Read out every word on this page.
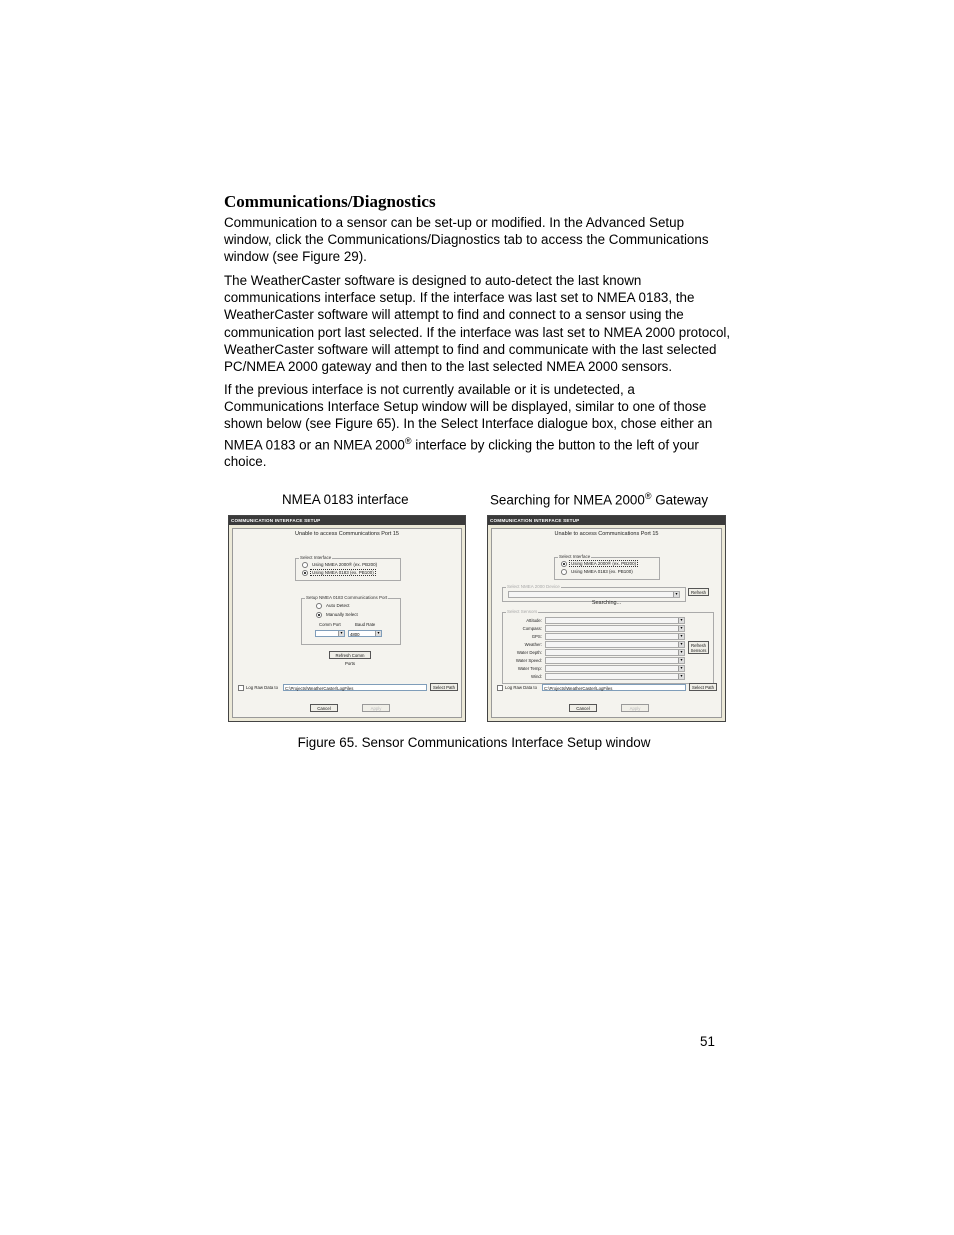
Communications/Diagnostics

Communication to a sensor can be set-up or modified. In the Advanced Setup window, click the Communications/Diagnostics tab to access the Communications window (see Figure 29).

The WeatherCaster software is designed to auto-detect the last known communications interface setup. If the interface was last set to NMEA 0183, the WeatherCaster software will attempt to find and connect to a sensor using the communication port last selected. If the interface was last set to NMEA 2000 protocol, WeatherCaster software will attempt to find and communicate with the last selected PC/NMEA 2000 gateway and then to the last selected NMEA 2000 sensors.

If the previous interface is not currently available or it is undetected, a Communications Interface Setup window will be displayed, similar to one of those shown below (see Figure 65). In the Select Interface dialogue box, chose either an NMEA 0183 or an NMEA 2000® interface by clicking the button to the left of your choice.

NMEA 0183 interface	Searching for NMEA 2000® Gateway
COMMUNICATION INTERFACE SETUP
Unable to access Communications Port 15
Select Interface
Using NMEA 2000® (ex. PB200)
Using NMEA 0183 (ex. PB100)
Setup NMEA 0183 Communications Port
Auto Detect
Manually Select
Comm Port	Baud Rate
▼	4800	▼
Refresh Comm Ports
Log Raw Data to	C:\Projects\WeatherCaster\LogFiles	Select Path
Cancel	Apply
COMMUNICATION INTERFACE SETUP
Unable to access Communications Port 15
Select Interface
Using NMEA 2000® (ex. PB200)
Using NMEA 0183 (ex. PB100)
Select NMEA 2000 Device
▼	Refresh
Searching...
Select Sensors
Attitude:	▼
Compass:	▼
GPS:	▼
Weather:	▼
Water Depth:	▼
Water Speed:	▼
Water Temp:	▼
Wind:	▼
Refresh
Sensors
Log Raw Data to	C:\Projects\WeatherCaster\LogFiles	Select Path
Cancel	Apply
Figure 65. Sensor Communications Interface Setup window
51
